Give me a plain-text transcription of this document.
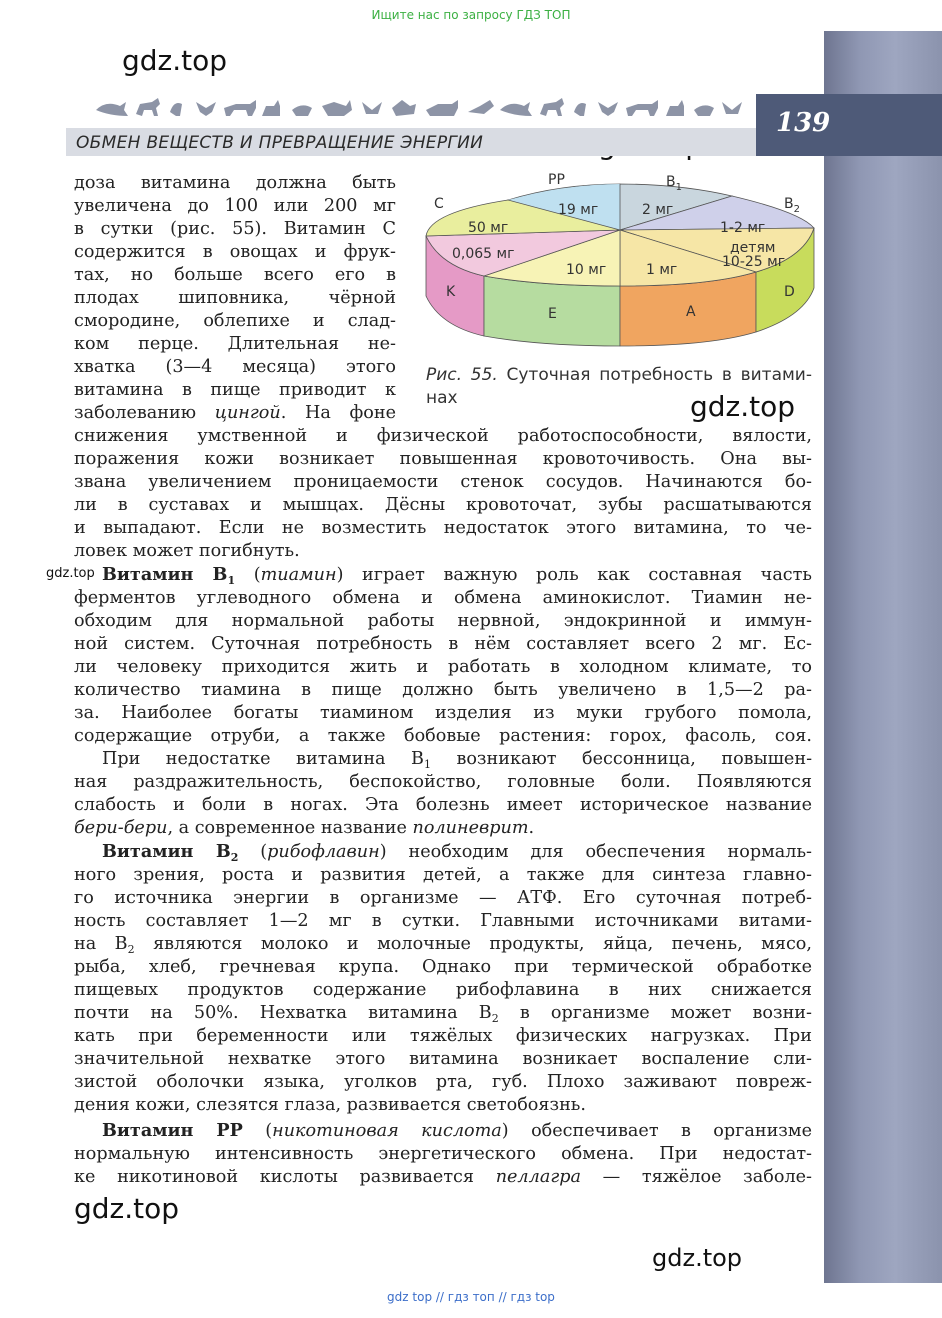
Ищите нас по запросу ГДЗ ТОП
gdz.top
gdz.top
gdz.top
gdz.top
gdz.top
ОБМЕН ВЕЩЕСТВ И ПРЕВРАЩЕНИЕ ЭНЕРГИИ
139
PP	$B_1$
$B_2$
C
K
E	A
D
19 мг	2 мг
1-2 мг
50 мг
0,065 мг
10 мг	1 мг
детям
10-25 мг
Рис. 55. Суточная потребность в витами-
нах
доза витамина должна быть
увеличена до 100 или 200 мг
в сутки (рис. 55). Витамин С
содержится в овощах и фрук-
тах, но больше всего его в
плодах шиповника, чёрной
смородине, облепихе и слад-
ком перце. Длительная не-
хватка (3—4 месяца) этого
витамина в пище приводит к
заболеванию цингой. На фоне
снижения умственной и физической работоспособности, вялости,
поражения кожи возникает повышенная кровоточивость. Она вы-
звана увеличением проницаемости стенок сосудов. Начинаются бо-
ли в суставах и мышцах. Дёсны кровоточат, зубы расшатываются
и выпадают. Если не возместить недостаток этого витамина, то че-
ловек может погибнуть.
Витамин $В_1$ (тиамин) играет важную роль как составная часть
ферментов углеводного обмена и обмена аминокислот. Тиамин не-
обходим для нормальной работы нервной, эндокринной и иммун-
ной систем. Суточная потребность в нём составляет всего 2 мг. Ес-
ли человеку приходится жить и работать в холодном климате, то
количество тиамина в пище должно быть увеличено в 1,5—2 ра-
за. Наиболее богаты тиамином изделия из муки грубого помола,
содержащие отруби, а также бобовые растения: горох, фасоль, соя.
При недостатке витамина $В_1$ возникают бессонница, повышен-
ная раздражительность, беспокойство, головные боли. Появляются
слабость и боли в ногах. Эта болезнь имеет историческое название
бери-бери, а современное название полиневрит.
Витамин $В_2$ (рибофлавин) необходим для обеспечения нормаль-
ного зрения, роста и развития детей, а также для синтеза главно-
го источника энергии в организме — АТФ. Его суточная потреб-
ность составляет 1—2 мг в сутки. Главными источниками витами-
на $В_2$ являются молоко и молочные продукты, яйца, печень, мясо,
рыба, хлеб, гречневая крупа. Однако при термической обработке
пищевых продуктов содержание рибофлавина в них снижается
почти на 50%. Нехватка витамина $В_2$ в организме может возни-
кать при беременности или тяжёлых физических нагрузках. При
значительной нехватке этого витамина возникает воспаление сли-
зистой оболочки языка, уголков рта, губ. Плохо заживают повреж-
дения кожи, слезятся глаза, развивается светобоязнь.
Витамин РР (никотиновая кислота) обеспечивает в организме
нормальную интенсивность энергетического обмена. При недостат-
ке никотиновой кислоты развивается пеллагра — тяжёлое заболе-
gdz top // гдз топ // гдз top
